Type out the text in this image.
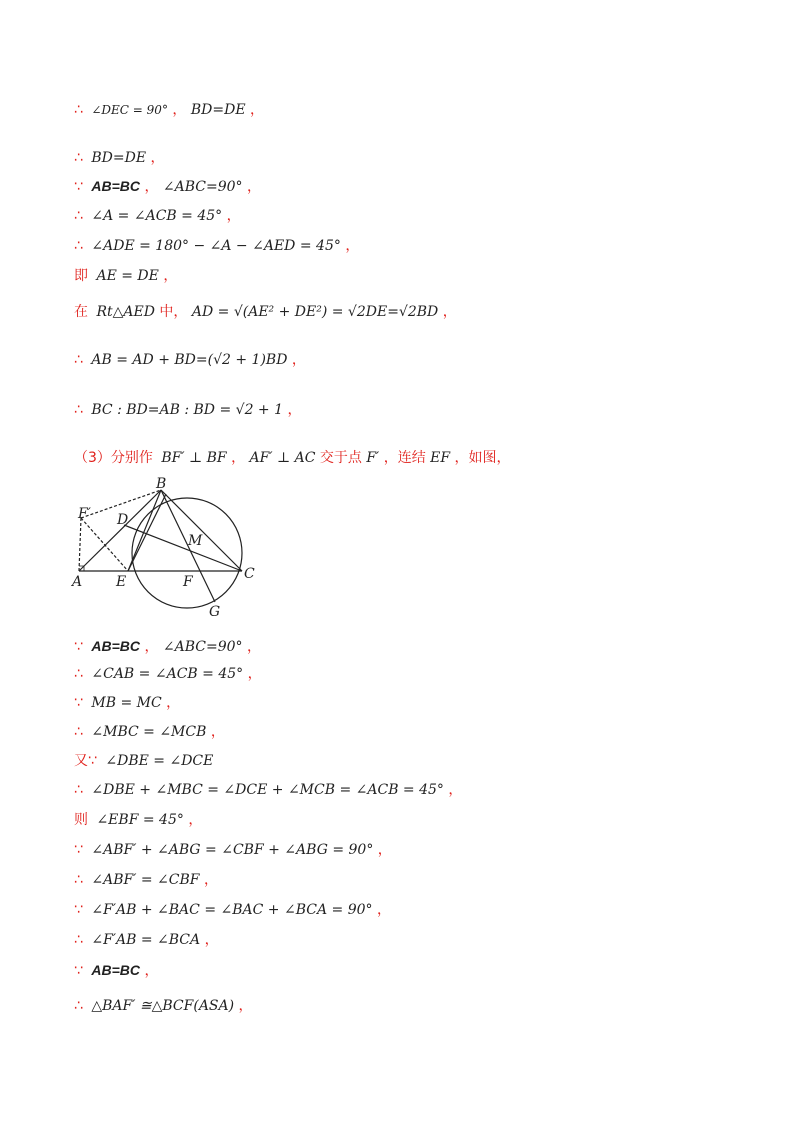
∴ ∠DEC = 90° ， BD=DE ，
∴ BD=DE ，
∵ AB=BC ， ∠ABC=90° ，
∴ ∠A = ∠ACB = 45° ，
∴ ∠ADE = 180° − ∠A − ∠AED = 45° ，
即 AE = DE ，
在 Rt△AED 中， AD = √(AE² + DE²) = √2DE=√2BD ，
∴ AB = AD + BD=(√2 + 1)BD ，
∴ BC : BD=AB : BD = √2 + 1 ，
（3）分别作 BF′ ⊥ BF ， AF′ ⊥ AC 交于点 F′ ，连结 EF ，如图，
B
F′ D
M
A E	F	C
G
∵ AB=BC ， ∠ABC=90° ，
∴ ∠CAB = ∠ACB = 45° ，
∵ MB = MC ，
∴ ∠MBC = ∠MCB ，
又∵ ∠DBE = ∠DCE
∴ ∠DBE + ∠MBC = ∠DCE + ∠MCB = ∠ACB = 45° ，
则 ∠EBF = 45° ，
∵ ∠ABF′ + ∠ABG = ∠CBF + ∠ABG = 90° ，
∴ ∠ABF′ = ∠CBF ，
∵ ∠F′AB + ∠BAC = ∠BAC + ∠BCA = 90° ，
∴ ∠F′AB = ∠BCA ，
∵ AB=BC ，
∴ △BAF′ ≅△BCF(ASA) ，
